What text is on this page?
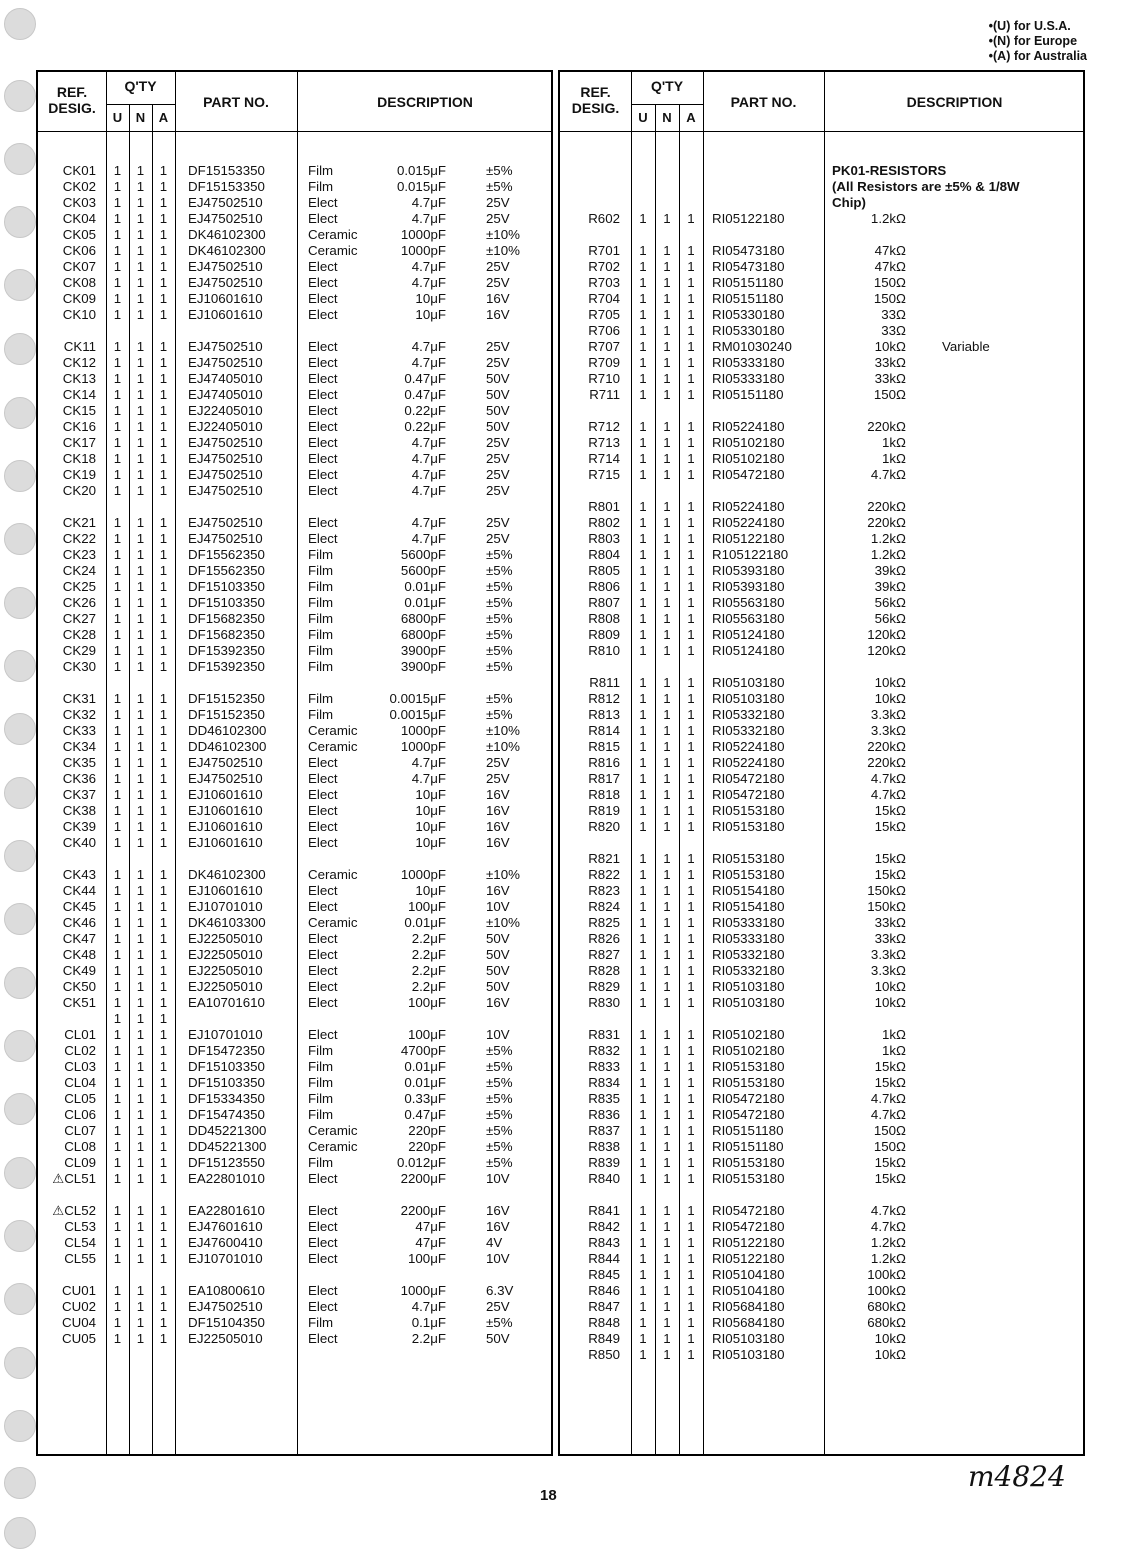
•(U) for U.S.A.
•(N) for Europe
•(A) for Australia
REF.
DESIG.
Q'TY
U	N	A
PART NO.	DESCRIPTION
CK01	1	1	1	DF15153350	Film	0.015μF	±5%
CK02	1	1	1	DF15153350	Film	0.015μF	±5%
CK03	1	1	1	EJ47502510	Elect	4.7μF	25V
CK04	1	1	1	EJ47502510	Elect	4.7μF	25V
CK05	1	1	1	DK46102300	Ceramic	1000pF	±10%
CK06	1	1	1	DK46102300	Ceramic	1000pF	±10%
CK07	1	1	1	EJ47502510	Elect	4.7μF	25V
CK08	1	1	1	EJ47502510	Elect	4.7μF	25V
CK09	1	1	1	EJ10601610	Elect	10μF	16V
CK10	1	1	1	EJ10601610	Elect	10μF	16V
CK11	1	1	1	EJ47502510	Elect	4.7μF	25V
CK12	1	1	1	EJ47502510	Elect	4.7μF	25V
CK13	1	1	1	EJ47405010	Elect	0.47μF	50V
CK14	1	1	1	EJ47405010	Elect	0.47μF	50V
CK15	1	1	1	EJ22405010	Elect	0.22μF	50V
CK16	1	1	1	EJ22405010	Elect	0.22μF	50V
CK17	1	1	1	EJ47502510	Elect	4.7μF	25V
CK18	1	1	1	EJ47502510	Elect	4.7μF	25V
CK19	1	1	1	EJ47502510	Elect	4.7μF	25V
CK20	1	1	1	EJ47502510	Elect	4.7μF	25V
CK21	1	1	1	EJ47502510	Elect	4.7μF	25V
CK22	1	1	1	EJ47502510	Elect	4.7μF	25V
CK23	1	1	1	DF15562350	Film	5600pF	±5%
CK24	1	1	1	DF15562350	Film	5600pF	±5%
CK25	1	1	1	DF15103350	Film	0.01μF	±5%
CK26	1	1	1	DF15103350	Film	0.01μF	±5%
CK27	1	1	1	DF15682350	Film	6800pF	±5%
CK28	1	1	1	DF15682350	Film	6800pF	±5%
CK29	1	1	1	DF15392350	Film	3900pF	±5%
CK30	1	1	1	DF15392350	Film	3900pF	±5%
CK31	1	1	1	DF15152350	Film	0.0015μF	±5%
CK32	1	1	1	DF15152350	Film	0.0015μF	±5%
CK33	1	1	1	DD46102300	Ceramic	1000pF	±10%
CK34	1	1	1	DD46102300	Ceramic	1000pF	±10%
CK35	1	1	1	EJ47502510	Elect	4.7μF	25V
CK36	1	1	1	EJ47502510	Elect	4.7μF	25V
CK37	1	1	1	EJ10601610	Elect	10μF	16V
CK38	1	1	1	EJ10601610	Elect	10μF	16V
CK39	1	1	1	EJ10601610	Elect	10μF	16V
CK40	1	1	1	EJ10601610	Elect	10μF	16V
CK43	1	1	1	DK46102300	Ceramic	1000pF	±10%
CK44	1	1	1	EJ10601610	Elect	10μF	16V
CK45	1	1	1	EJ10701010	Elect	100μF	10V
CK46	1	1	1	DK46103300	Ceramic	0.01μF	±10%
CK47	1	1	1	EJ22505010	Elect	2.2μF	50V
CK48	1	1	1	EJ22505010	Elect	2.2μF	50V
CK49	1	1	1	EJ22505010	Elect	2.2μF	50V
CK50	1	1	1	EJ22505010	Elect	2.2μF	50V
CK51	1	1	1	EA10701610	Elect	100μF	16V
1	1	1
CL01	1	1	1	EJ10701010	Elect	100μF	10V
CL02	1	1	1	DF15472350	Film	4700pF	±5%
CL03	1	1	1	DF15103350	Film	0.01μF	±5%
CL04	1	1	1	DF15103350	Film	0.01μF	±5%
CL05	1	1	1	DF15334350	Film	0.33μF	±5%
CL06	1	1	1	DF15474350	Film	0.47μF	±5%
CL07	1	1	1	DD45221300	Ceramic	220pF	±5%
CL08	1	1	1	DD45221300	Ceramic	220pF	±5%
CL09	1	1	1	DF15123550	Film	0.012μF	±5%
⚠CL51	1	1	1	EA22801010	Elect	2200μF	10V
⚠CL52	1	1	1	EA22801610	Elect	2200μF	16V
CL53	1	1	1	EJ47601610	Elect	47μF	16V
CL54	1	1	1	EJ47600410	Elect	47μF	4V
CL55	1	1	1	EJ10701010	Elect	100μF	10V
CU01	1	1	1	EA10800610	Elect	1000μF	6.3V
CU02	1	1	1	EJ47502510	Elect	4.7μF	25V
CU04	1	1	1	DF15104350	Film	0.1μF	±5%
CU05	1	1	1	EJ22505010	Elect	2.2μF	50V
REF.
DESIG.
Q'TY
U	N	A
PART NO.	DESCRIPTION
PK01-RESISTORS
(All Resistors are ±5% & 1/8W
Chip)
R602	1	1	1	RI05122180	1.2kΩ
R701	1	1	1	RI05473180	47kΩ
R702	1	1	1	RI05473180	47kΩ
R703	1	1	1	RI05151180	150Ω
R704	1	1	1	RI05151180	150Ω
R705	1	1	1	RI05330180	33Ω
R706	1	1	1	RI05330180	33Ω
R707	1	1	1	RM01030240	10kΩ	Variable
R709	1	1	1	RI05333180	33kΩ
R710	1	1	1	RI05333180	33kΩ
R711	1	1	1	RI05151180	150Ω
R712	1	1	1	RI05224180	220kΩ
R713	1	1	1	RI05102180	1kΩ
R714	1	1	1	RI05102180	1kΩ
R715	1	1	1	RI05472180	4.7kΩ
R801	1	1	1	RI05224180	220kΩ
R802	1	1	1	RI05224180	220kΩ
R803	1	1	1	RI05122180	1.2kΩ
R804	1	1	1	R105122180	1.2kΩ
R805	1	1	1	RI05393180	39kΩ
R806	1	1	1	RI05393180	39kΩ
R807	1	1	1	RI05563180	56kΩ
R808	1	1	1	RI05563180	56kΩ
R809	1	1	1	RI05124180	120kΩ
R810	1	1	1	RI05124180	120kΩ
R811	1	1	1	RI05103180	10kΩ
R812	1	1	1	RI05103180	10kΩ
R813	1	1	1	RI05332180	3.3kΩ
R814	1	1	1	RI05332180	3.3kΩ
R815	1	1	1	RI05224180	220kΩ
R816	1	1	1	RI05224180	220kΩ
R817	1	1	1	RI05472180	4.7kΩ
R818	1	1	1	RI05472180	4.7kΩ
R819	1	1	1	RI05153180	15kΩ
R820	1	1	1	RI05153180	15kΩ
R821	1	1	1	RI05153180	15kΩ
R822	1	1	1	RI05153180	15kΩ
R823	1	1	1	RI05154180	150kΩ
R824	1	1	1	RI05154180	150kΩ
R825	1	1	1	RI05333180	33kΩ
R826	1	1	1	RI05333180	33kΩ
R827	1	1	1	RI05332180	3.3kΩ
R828	1	1	1	RI05332180	3.3kΩ
R829	1	1	1	RI05103180	10kΩ
R830	1	1	1	RI05103180	10kΩ
R831	1	1	1	RI05102180	1kΩ
R832	1	1	1	RI05102180	1kΩ
R833	1	1	1	RI05153180	15kΩ
R834	1	1	1	RI05153180	15kΩ
R835	1	1	1	RI05472180	4.7kΩ
R836	1	1	1	RI05472180	4.7kΩ
R837	1	1	1	RI05151180	150Ω
R838	1	1	1	RI05151180	150Ω
R839	1	1	1	RI05153180	15kΩ
R840	1	1	1	RI05153180	15kΩ
R841	1	1	1	RI05472180	4.7kΩ
R842	1	1	1	RI05472180	4.7kΩ
R843	1	1	1	RI05122180	1.2kΩ
R844	1	1	1	RI05122180	1.2kΩ
R845	1	1	1	RI05104180	100kΩ
R846	1	1	1	RI05104180	100kΩ
R847	1	1	1	RI05684180	680kΩ
R848	1	1	1	RI05684180	680kΩ
R849	1	1	1	RI05103180	10kΩ
R850	1	1	1	RI05103180	10kΩ
18
m4824
